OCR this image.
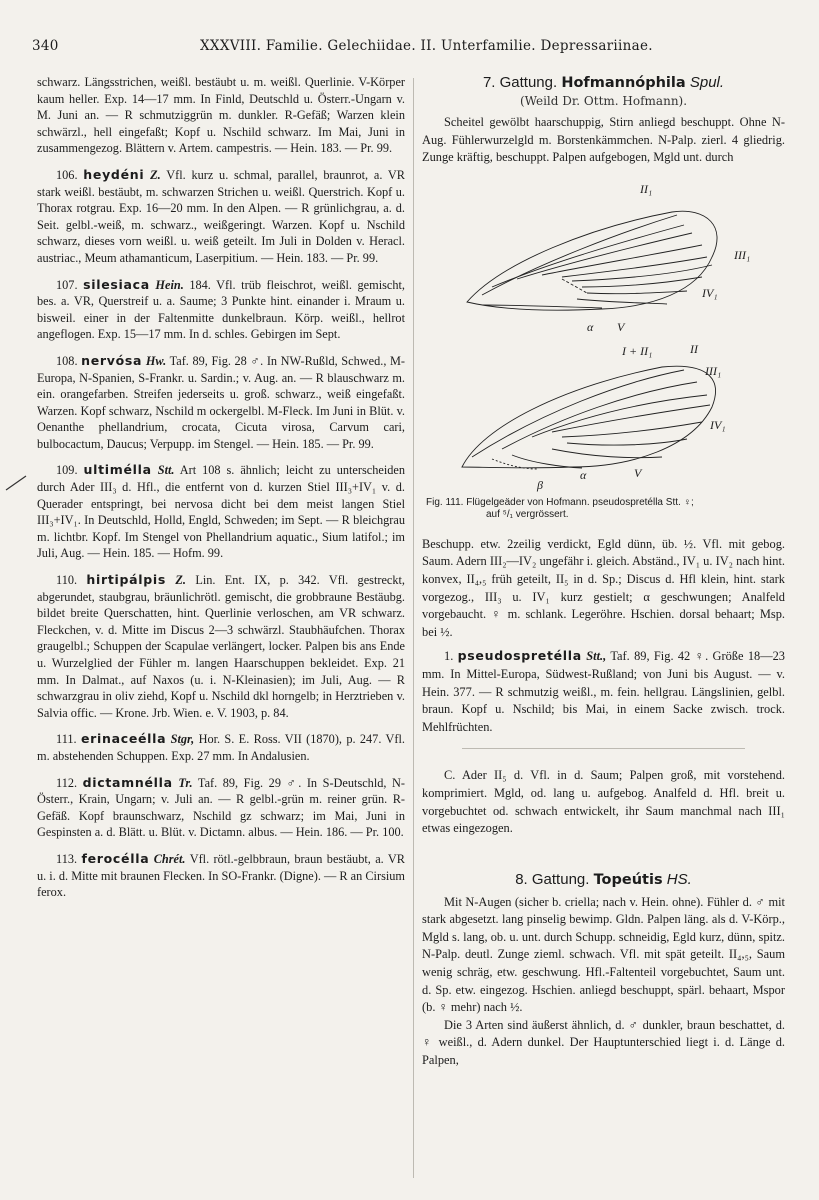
340	XXXVIII. Familie. Gelechiidae. II. Unterfamilie. Depressariinae.

schwarz. Längsstrichen, weißl. bestäubt u. m. weißl. Querlinie. V-Körper kaum heller. Exp. 14—17 mm. In Finld, Deutschld u. Österr.-Ungarn v. M. Juni an. — R schmutziggrün m. dunkler. R-Gefäß; Warzen klein schwärzl., hell eingefaßt; Kopf u. Nschild schwarz. Im Mai, Juni in zusammengezog. Blättern v. Artem. campestris. — Hein. 183. — Pr. 99.

106. heydéni Z. Vfl. kurz u. schmal, parallel, braunrot, a. VR stark weißl. bestäubt, m. schwarzen Strichen u. weißl. Querstrich. Kopf u. Thorax rotgrau. Exp. 16—20 mm. In den Alpen. — R grünlichgrau, a. d. Seit. gelbl.-weiß, m. schwarz., weißgeringt. Warzen. Kopf u. Nschild schwarz, dieses vorn weißl. u. weiß geteilt. Im Juli in Dolden v. Heracl. austriac., Meum athamanticum, Laserpitium. — Hein. 183. — Pr. 99.

107. silesiaca Hein. 184. Vfl. trüb fleischrot, weißl. gemischt, bes. a. VR, Querstreif u. a. Saume; 3 Punkte hint. einander i. Mraum u. bisweil. einer in der Faltenmitte dunkelbraun. Körp. weißl., hellrot angeflogen. Exp. 15—17 mm. In d. schles. Gebirgen im Sept.

108. nervósa Hw. Taf. 89, Fig. 28 ♂. In NW-Rußld, Schwed., M-Europa, N-Spanien, S-Frankr. u. Sardin.; v. Aug. an. — R blauschwarz m. ein. orangefarben. Streifen jederseits u. groß. schwarz., weiß eingefaßt. Warzen. Kopf schwarz, Nschild m ockergelbl. M-Fleck. Im Juni in Blüt. v. Oenanthe phellandrium, crocata, Cicuta virosa, Carvum cari, bulbocactum, Daucus; Verpupp. im Stengel. — Hein. 185. — Pr. 99.

109. ultiméllа Stt. Art 108 s. ähnlich; leicht zu unterscheiden durch Ader III₃ d. Hfl., die entfernt von d. kurzen Stiel III₃+IV₁ v. d. Querader entspringt, bei nervosa dicht bei dem meist langen Stiel III₃+IV₁. In Deutschld, Holld, Engld, Schweden; im Sept. — R bleichgrau m. lichtbr. Kopf. Im Stengel von Phellandrium aquatic., Sium latifol.; im Juli, Aug. — Hein. 185. — Hofm. 99.

110. hirtipálpis Z. Lin. Ent. IX, p. 342. Vfl. gestreckt, abgerundet, staubgrau, bräunlichrötl. gemischt, die grobbraune Bestäubg. bildet breite Querschatten, hint. Querlinie verloschen, am VR schwarz. Fleckchen, v. d. Mitte im Discus 2—3 schwärzl. Staubhäufchen. Thorax graugelbl.; Schuppen der Scapulae verlängert, locker. Palpen bis ans Ende u. Wurzelglied der Fühler m. langen Haarschuppen bekleidet. Exp. 21 mm. In Dalmat., auf Naxos (u. i. N-Kleinasien); im Juli, Aug. — R schwarzgrau in oliv ziehd, Kopf u. Nschild dkl horngelb; in Herztrieben v. Salvia offic. — Krone. Jrb. Wien. e. V. 1903, p. 84.

111. erinaceélla Stgr, Hor. S. E. Ross. VII (1870), p. 247. Vfl. m. abstehenden Schuppen. Exp. 27 mm. In Andalusien.

112. dictamnélla Tr. Taf. 89, Fig. 29 ♂. In S-Deutschld, N-Österr., Krain, Ungarn; v. Juli an. — R gelbl.-grün m. reiner grün. R-Gefäß. Kopf braunschwarz, Nschild gz schwarz; im Mai, Juni in Gespinsten a. d. Blätt. u. Blüt. v. Dictamn. albus. — Hein. 186. — Pr. 100.

113. ferocélla Chrét. Vfl. rötl.-gelbbraun, braun bestäubt, a. VR u. i. d. Mitte mit braunen Flecken. In SO-Frankr. (Digne). — R an Cirsium ferox.

7. Gattung. Hofmannóphila Spul.
(Weild Dr. Ottm. Hofmann).

Scheitel gewölbt haarschuppig, Stirn anliegd beschuppt. Ohne N-Aug. Fühlerwurzelgld m. Borstenkämmchen. N-Palp. zierl. 4 gliedrig. Zunge kräftig, beschuppt. Palpen aufgebogen, Mgld unt. durch

II₁
III₁
IV₁
α V
I + II₁	II
III₁
IV₁
β
α	V
Fig. 111. Flügelgeäder von Hofmann. pseudospretélla Stt. ♀;
auf ⁵/₁ vergrössert.

Beschupp. etw. 2zeilig verdickt, Egld dünn, üb. ½. Vfl. mit gebog. Saum. Adern III₂—IV₂ ungefähr i. gleich. Abständ., IV₁ u. IV₂ nach hint. konvex, II₄,₅ früh geteilt, II₅ in d. Sp.; Discus d. Hfl klein, hint. stark vorgezog., III₃ u. IV₁ kurz gestielt; α geschwungen; Analfeld vorgebaucht. ♀ m. schlank. Legeröhre. Hschien. dorsal behaart; Msp. bei ½.

1. pseudospretélla Stt., Taf. 89, Fig. 42 ♀. Größe 18—23 mm. In Mittel-Europa, Südwest-Rußland; von Juni bis August. — v. Hein. 377. — R schmutzig weißl., m. fein. hellgrau. Längslinien, gelbl. braun. Kopf u. Nschild; bis Mai, in einem Sacke zwisch. trock. Mehlfrüchten.

C. Ader II₅ d. Vfl. in d. Saum; Palpen groß, mit vorstehend. komprimiert. Mgld, od. lang u. aufgebog. Analfeld d. Hfl. breit u. vorgebuchtet od. schwach entwickelt, ihr Saum manchmal nach III₁ etwas eingezogen.

8. Gattung. Topeútis HS.

Mit N-Augen (sicher b. criella; nach v. Hein. ohne). Fühler d. ♂ mit stark abgesetzt. lang pinselig bewimp. Gldn. Palpen läng. als d. V-Körp., Mgld s. lang, ob. u. unt. durch Schupp. schneidig, Egld kurz, dünn, spitz. N-Palp. deutl. Zunge zieml. schwach. Vfl. mit spät geteilt. II₄,₅, Saum wenig schräg, etw. geschwung. Hfl.-Faltenteil vorgebuchtet, Saum unt. d. Sp. etw. eingezog. Hschien. anliegd beschuppt, spärl. behaart, Mspor (b. ♀ mehr) nach ½.

Die 3 Arten sind äußerst ähnlich, d. ♂ dunkler, braun beschattet, d. ♀ weißl., d. Adern dunkel. Der Hauptunterschied liegt i. d. Länge d. Palpen,
